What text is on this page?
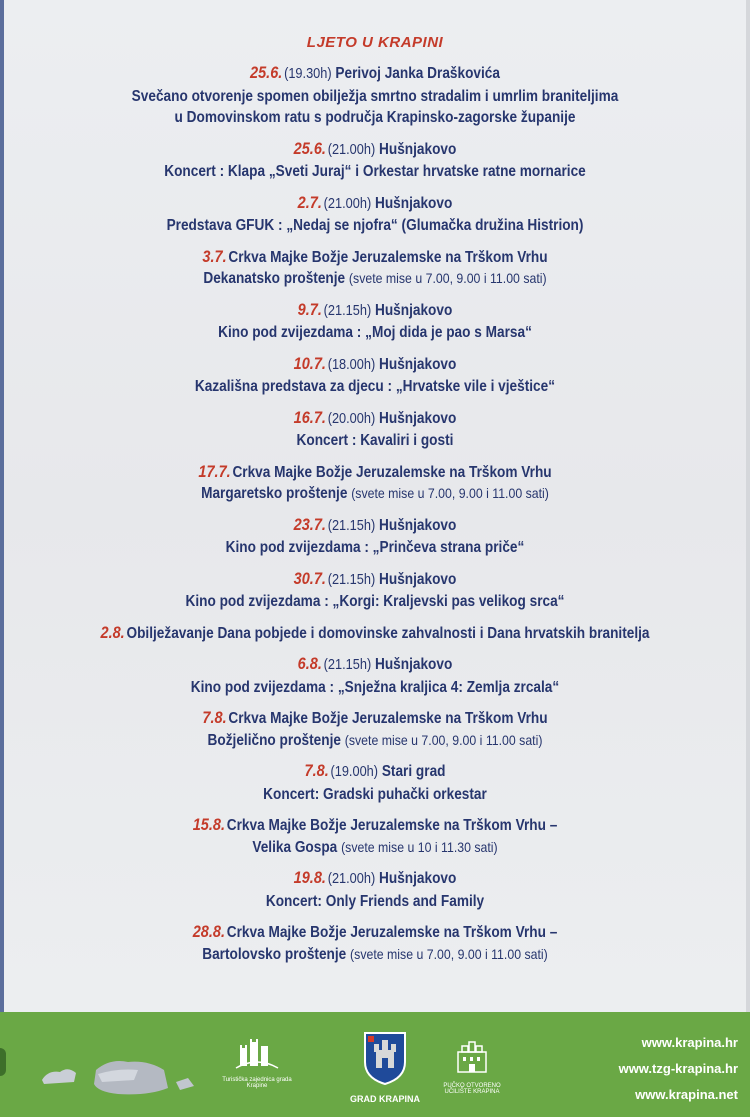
LJETO U KRAPINI
25.6. (19.30h) Perivoj Janka Draškovića
Svečano otvorenje spomen obilježja smrtno stradalim i umrlim braniteljima
u Domovinskom ratu s područja Krapinsko-zagorske županije
25.6. (21.00h) Hušnjakovo
Koncert : Klapa „Sveti Juraj“ i Orkestar hrvatske ratne mornarice
2.7. (21.00h) Hušnjakovo
Predstava GFUK : „Nedaj se njofra“ (Glumačka družina Histrion)
3.7. Crkva Majke Božje Jeruzalemske na Trškom Vrhu
Dekanatsko proštenje (svete mise u 7.00, 9.00 i 11.00 sati)
9.7. (21.15h) Hušnjakovo
Kino pod zvijezdama : „Moj dida je pao s Marsa“
10.7. (18.00h) Hušnjakovo
Kazališna predstava za djecu : „Hrvatske vile i vještice“
16.7. (20.00h) Hušnjakovo
Koncert : Kavaliri i gosti
17.7. Crkva Majke Božje Jeruzalemske na Trškom Vrhu
Margaretsko proštenje (svete mise u 7.00, 9.00 i 11.00 sati)
23.7. (21.15h) Hušnjakovo
Kino pod zvijezdama : „Prinčeva strana priče“
30.7. (21.15h) Hušnjakovo
Kino pod zvijezdama : „Korgi: Kraljevski pas velikog srca“
2.8. Obilježavanje Dana pobjede i domovinske zahvalnosti i Dana hrvatskih branitelja
6.8. (21.15h) Hušnjakovo
Kino pod zvijezdama : „Snježna kraljica 4: Zemlja zrcala“
7.8. Crkva Majke Božje Jeruzalemske na Trškom Vrhu
Božjelično proštenje (svete mise u 7.00, 9.00 i 11.00 sati)
7.8. (19.00h) Stari grad
Koncert: Gradski puhački orkestar
15.8. Crkva Majke Božje Jeruzalemske na Trškom Vrhu –
Velika Gospa (svete mise u 10 i 11.30 sati)
19.8. (21.00h) Hušnjakovo
Koncert: Only Friends and Family
28.8. Crkva Majke Božje Jeruzalemske na Trškom Vrhu –
Bartolovsko proštenje (svete mise u 7.00, 9.00 i 11.00 sati)
Turistička zajednica grada Krapine
GRAD KRAPINA
PUČKO OTVORENO UČILIŠTE KRAPINA
www.krapina.hr
www.tzg-krapina.hr
www.krapina.net
